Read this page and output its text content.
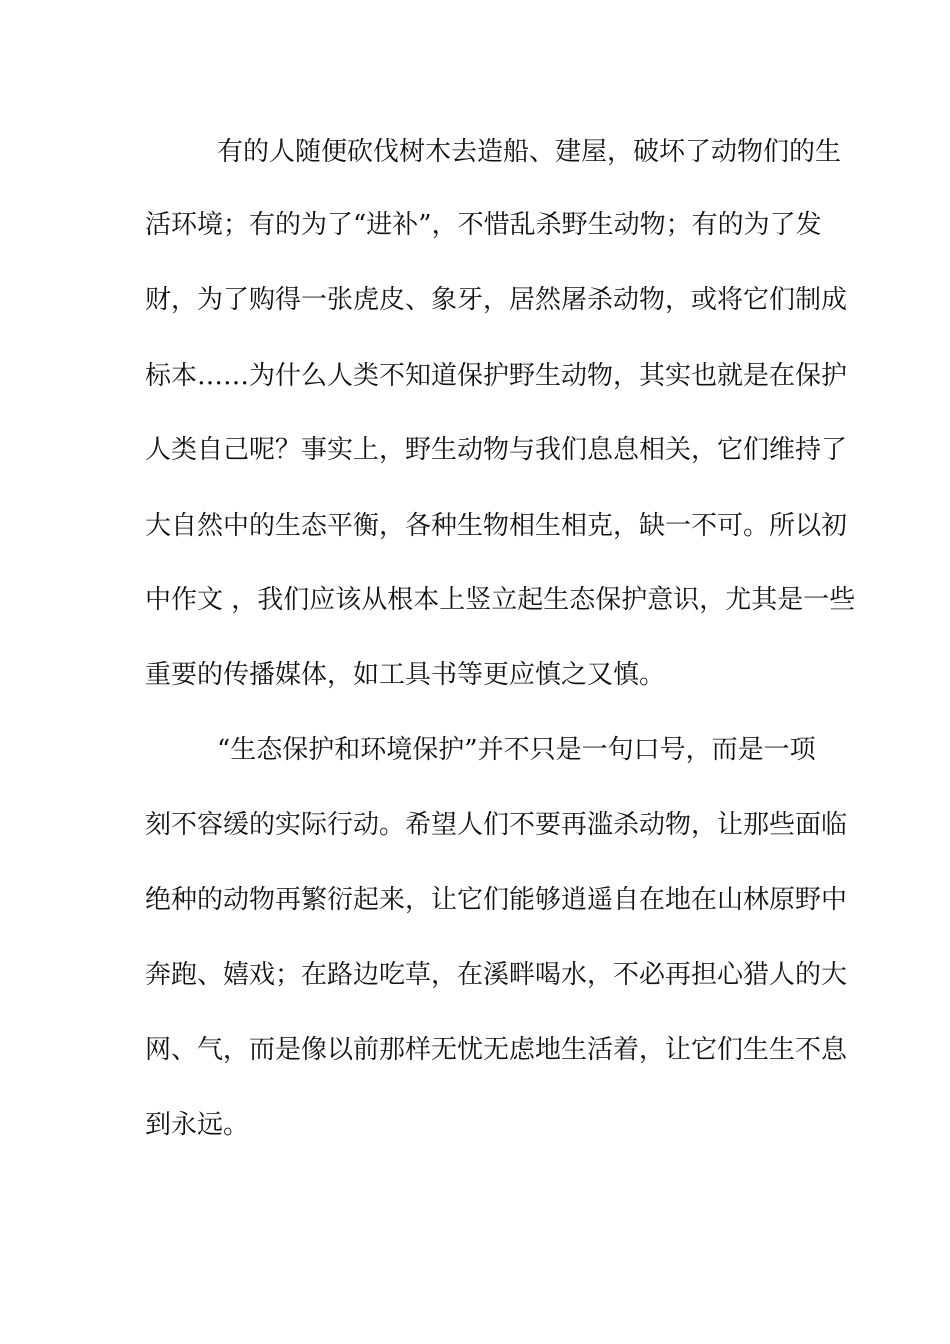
有的人随便砍伐树木去造船、建屋，破坏了动物们的生
活环境；有的为了“进补”，不惜乱杀野生动物；有的为了发
财，为了购得一张虎皮、象牙，居然屠杀动物，或将它们制成
标本……为什么人类不知道保护野生动物，其实也就是在保护
人类自己呢？事实上，野生动物与我们息息相关，它们维持了
大自然中的生态平衡，各种生物相生相克，缺一不可。所以初
中作文 ，我们应该从根本上竖立起生态保护意识，尤其是一些
重要的传播媒体，如工具书等更应慎之又慎。
“生态保护和环境保护”并不只是一句口号，而是一项
刻不容缓的实际行动。希望人们不要再滥杀动物，让那些面临
绝种的动物再繁衍起来，让它们能够逍遥自在地在山林原野中
奔跑、嬉戏；在路边吃草，在溪畔喝水，不必再担心猎人的大
网、气，而是像以前那样无忧无虑地生活着，让它们生生不息
到永远。
